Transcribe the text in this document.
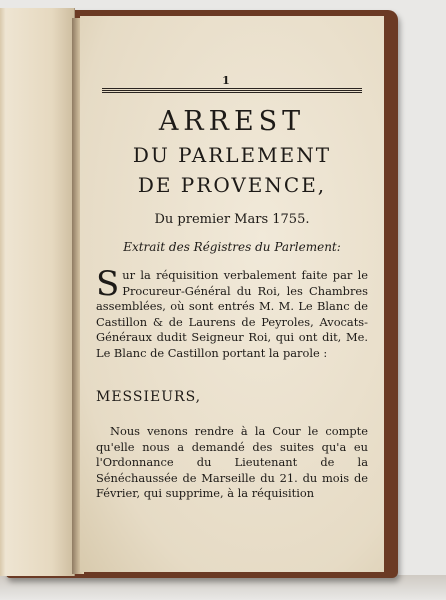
1
ARREST
DU PARLEMENT
DE PROVENCE,
Du premier Mars 1755.
Extrait des Régistres du Parlement:
Sur la réquisition verbalement faite par le Procureur-Général du Roi, les Chambres assemblées, où sont entrés M. M. Le Blanc de Castillon & de Laurens de Peyroles, Avocats-Généraux dudit Seigneur Roi, qui ont dit, Me. Le Blanc de Castillon portant la parole :
MESSIEURS,
Nous venons rendre à la Cour le compte qu'elle nous a demandé des suites qu'a eu l'Ordonnance du Lieutenant de la Sénéchaussée de Marseille du 21. du mois de Février, qui supprime, à la réquisition
